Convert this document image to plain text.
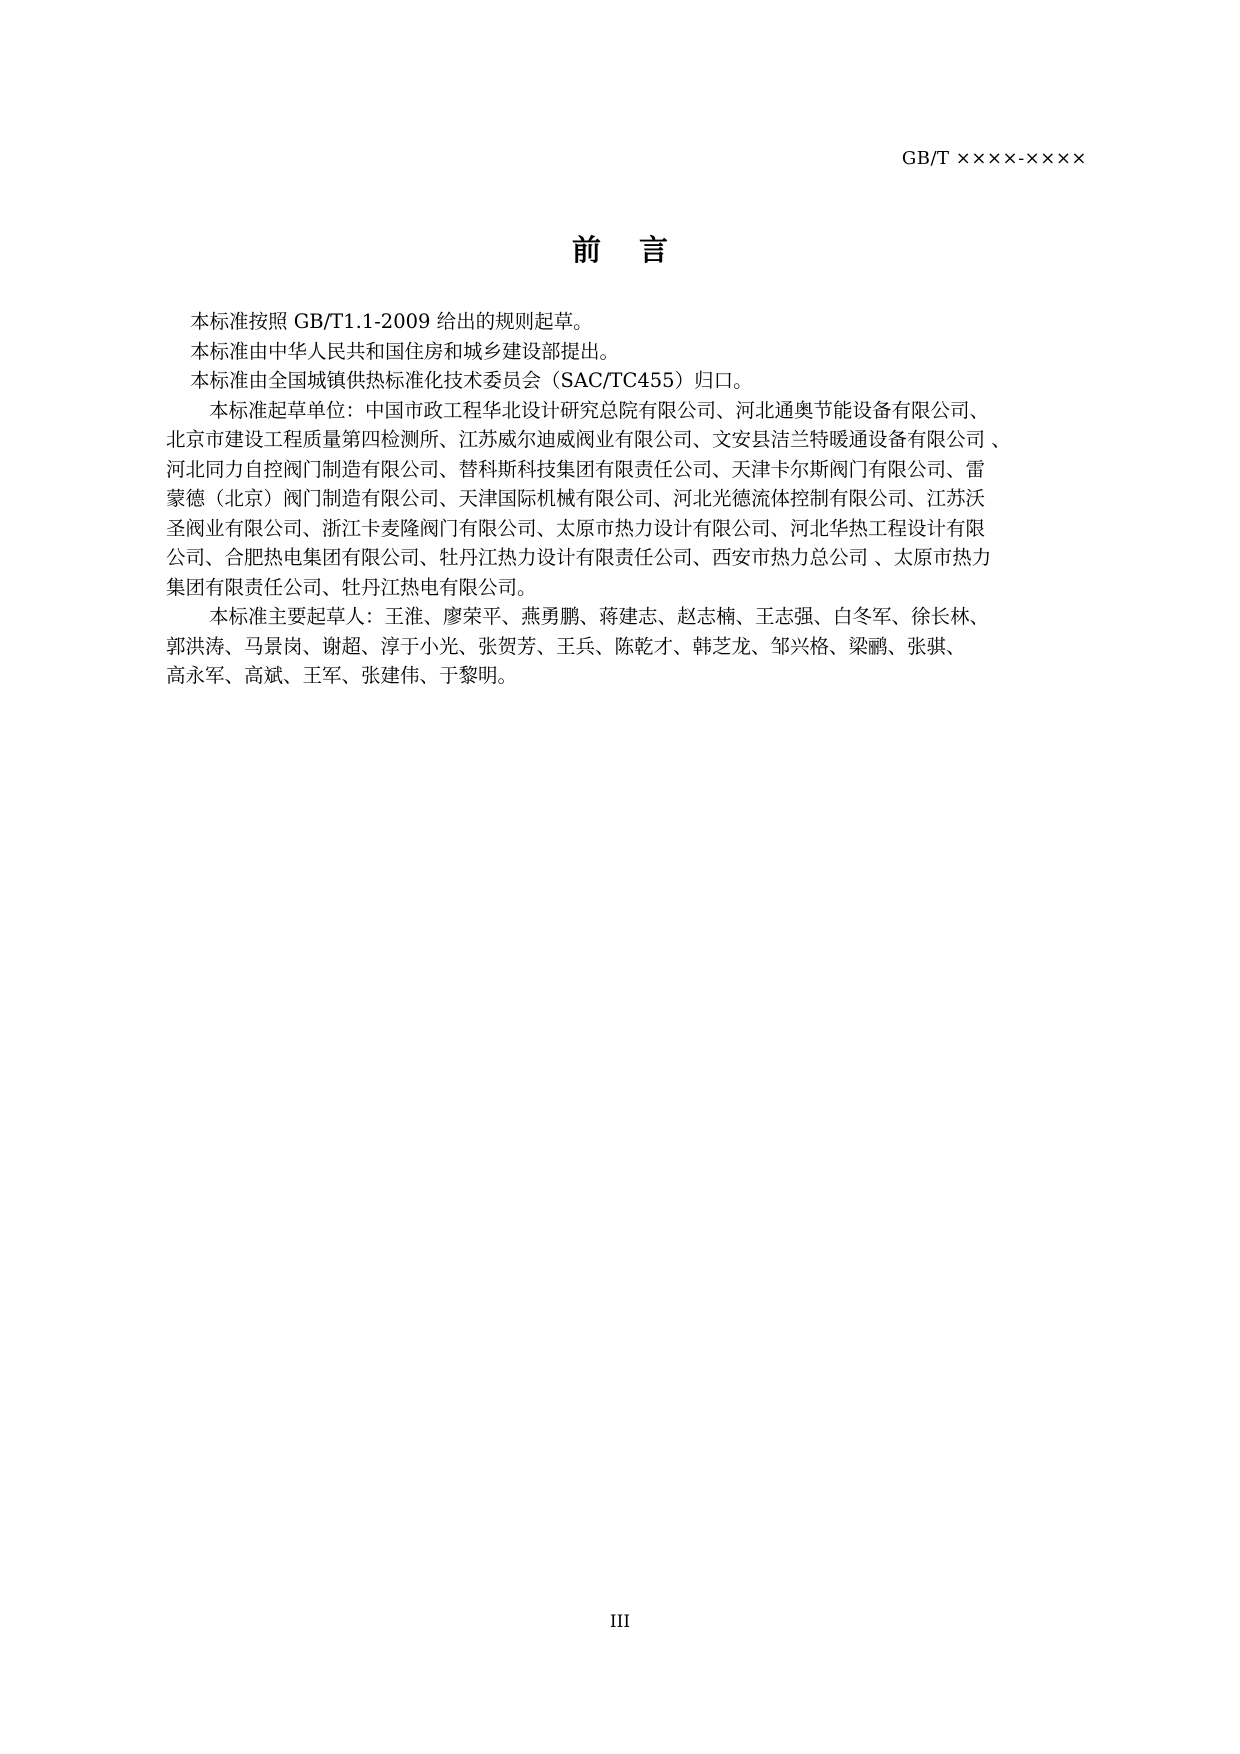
GB/T ××××-××××
前 言

本标准按照 GB/T1.1-2009 给出的规则起草。

本标准由中华人民共和国住房和城乡建设部提出。

本标准由全国城镇供热标准化技术委员会（SAC/TC455）归口。

本标准起草单位：中国市政工程华北设计研究总院有限公司、河北通奥节能设备有限公司、
北京市建设工程质量第四检测所、江苏威尔迪威阀业有限公司、文安县洁兰特暖通设备有限公司 、
河北同力自控阀门制造有限公司、替科斯科技集团有限责任公司、天津卡尔斯阀门有限公司、雷
蒙德（北京）阀门制造有限公司、天津国际机械有限公司、河北光德流体控制有限公司、江苏沃
圣阀业有限公司、浙江卡麦隆阀门有限公司、太原市热力设计有限公司、河北华热工程设计有限
公司、合肥热电集团有限公司、牡丹江热力设计有限责任公司、西安市热力总公司 、太原市热力
集团有限责任公司、牡丹江热电有限公司。
本标准主要起草人：王淮、廖荣平、燕勇鹏、蒋建志、赵志楠、王志强、白冬军、徐长林、
郭洪涛、马景岗、谢超、淳于小光、张贺芳、王兵、陈乾才、韩芝龙、邹兴格、梁鹂、张骐、
高永军、高斌、王军、张建伟、于黎明。
III
